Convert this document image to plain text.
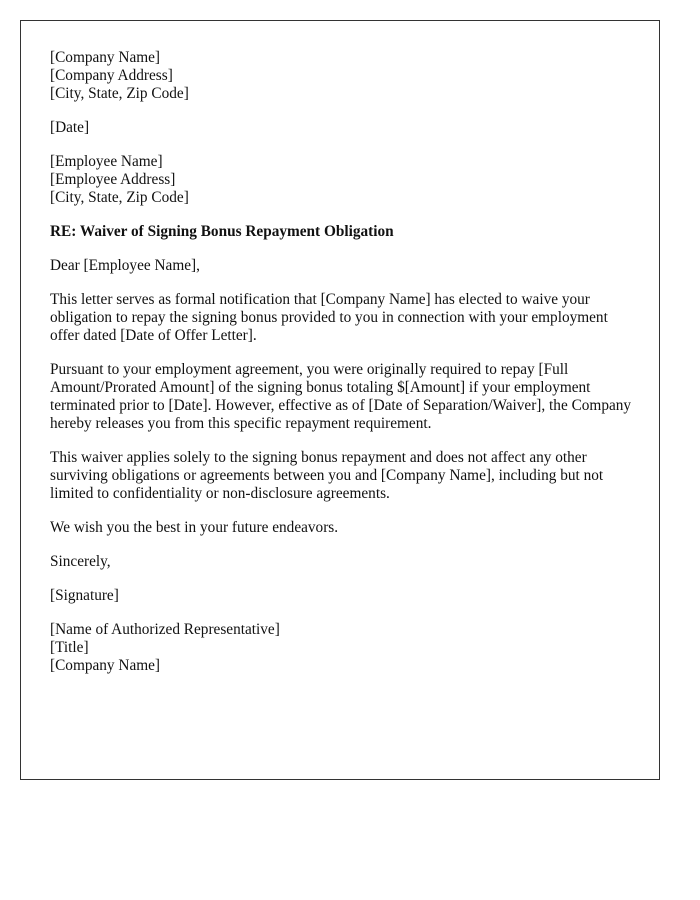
[Company Name]
[Company Address]
[City, State, Zip Code]
[Date]
[Employee Name]
[Employee Address]
[City, State, Zip Code]
RE: Waiver of Signing Bonus Repayment Obligation

Dear [Employee Name],

This letter serves as formal notification that [Company Name] has elected to waive your obligation to repay the signing bonus provided to you in connection with your employment offer dated [Date of Offer Letter].

Pursuant to your employment agreement, you were originally required to repay [Full Amount/Prorated Amount] of the signing bonus totaling $[Amount] if your employment terminated prior to [Date]. However, effective as of [Date of Separation/Waiver], the Company hereby releases you from this specific repayment requirement.

This waiver applies solely to the signing bonus repayment and does not affect any other surviving obligations or agreements between you and [Company Name], including but not limited to confidentiality or non-disclosure agreements.

We wish you the best in your future endeavors.

Sincerely,

[Signature]

[Name of Authorized Representative]
[Title]
[Company Name]
